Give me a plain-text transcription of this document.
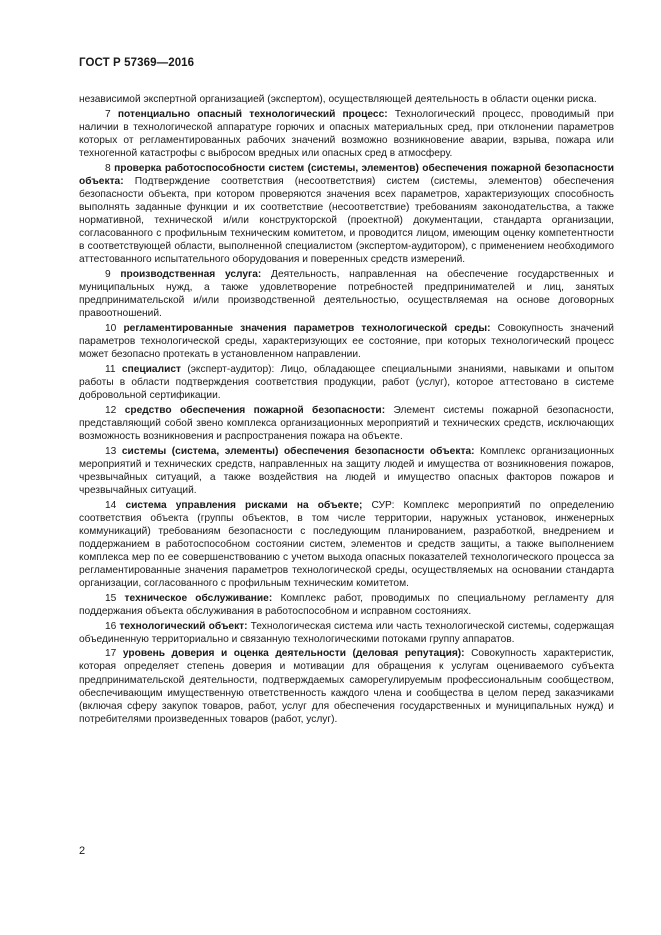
ГОСТ Р 57369—2016

независимой экспертной организацией (экспертом), осуществляющей деятельность в области оценки риска.

7 потенциально опасный технологический процесс: Технологический процесс, проводимый при наличии в технологической аппаратуре горючих и опасных материальных сред, при отклонении параметров которых от регламентированных рабочих значений возможно возникновение аварии, взрыва, пожара или техногенной катастрофы с выбросом вредных или опасных сред в атмосферу.

8 проверка работоспособности систем (системы, элементов) обеспечения пожарной безопасности объекта: Подтверждение соответствия (несоответствия) систем (системы, элементов) обеспечения безопасности объекта, при котором проверяются значения всех параметров, характеризующих способность выполнять заданные функции и их соответствие (несоответствие) требованиям законодательства, а также нормативной, технической и/или конструкторской (проектной) документации, стандарта организации, согласованного с профильным техническим комитетом, и проводится лицом, имеющим оценку компетентности в соответствующей области, выполненной специалистом (экспертом-аудитором), с применением необходимого аттестованного испытательного оборудования и поверенных средств измерений.

9 производственная услуга: Деятельность, направленная на обеспечение государственных и муниципальных нужд, а также удовлетворение потребностей предпринимателей и лиц, занятых предпринимательской и/или производственной деятельностью, осуществляемая на основе договорных правоотношений.

10 регламентированные значения параметров технологической среды: Совокупность значений параметров технологической среды, характеризующих ее состояние, при которых технологический процесс может безопасно протекать в установленном направлении.

11 специалист (эксперт-аудитор): Лицо, обладающее специальными знаниями, навыками и опытом работы в области подтверждения соответствия продукции, работ (услуг), которое аттестовано в системе добровольной сертификации.

12 средство обеспечения пожарной безопасности: Элемент системы пожарной безопасности, представляющий собой звено комплекса организационных мероприятий и технических средств, исключающих возможность возникновения и распространения пожара на объекте.

13 системы (система, элементы) обеспечения безопасности объекта: Комплекс организационных мероприятий и технических средств, направленных на защиту людей и имущества от возникновения пожаров, чрезвычайных ситуаций, а также воздействия на людей и имущество опасных факторов пожаров и чрезвычайных ситуаций.

14 система управления рисками на объекте; СУР: Комплекс мероприятий по определению соответствия объекта (группы объектов, в том числе территории, наружных установок, инженерных коммуникаций) требованиям безопасности с последующим планированием, разработкой, внедрением и поддержанием в работоспособном состоянии систем, элементов и средств защиты, а также выполнением комплекса мер по ее совершенствованию с учетом выхода опасных показателей технологического процесса за регламентированные значения параметров технологической среды, осуществляемых на основании стандарта организации, согласованного с профильным техническим комитетом.

15 техническое обслуживание: Комплекс работ, проводимых по специальному регламенту для поддержания объекта обслуживания в работоспособном и исправном состояниях.

16 технологический объект: Технологическая система или часть технологической системы, содержащая объединенную территориально и связанную технологическими потоками группу аппаратов.

17 уровень доверия и оценка деятельности (деловая репутация): Совокупность характеристик, которая определяет степень доверия и мотивации для обращения к услугам оцениваемого субъекта предпринимательской деятельности, подтверждаемых саморегулируемым профессиональным сообществом, обеспечивающим имущественную ответственность каждого члена и сообщества в целом перед заказчиками (включая сферу закупок товаров, работ, услуг для обеспечения государственных и муниципальных нужд) и потребителями произведенных товаров (работ, услуг).

2
